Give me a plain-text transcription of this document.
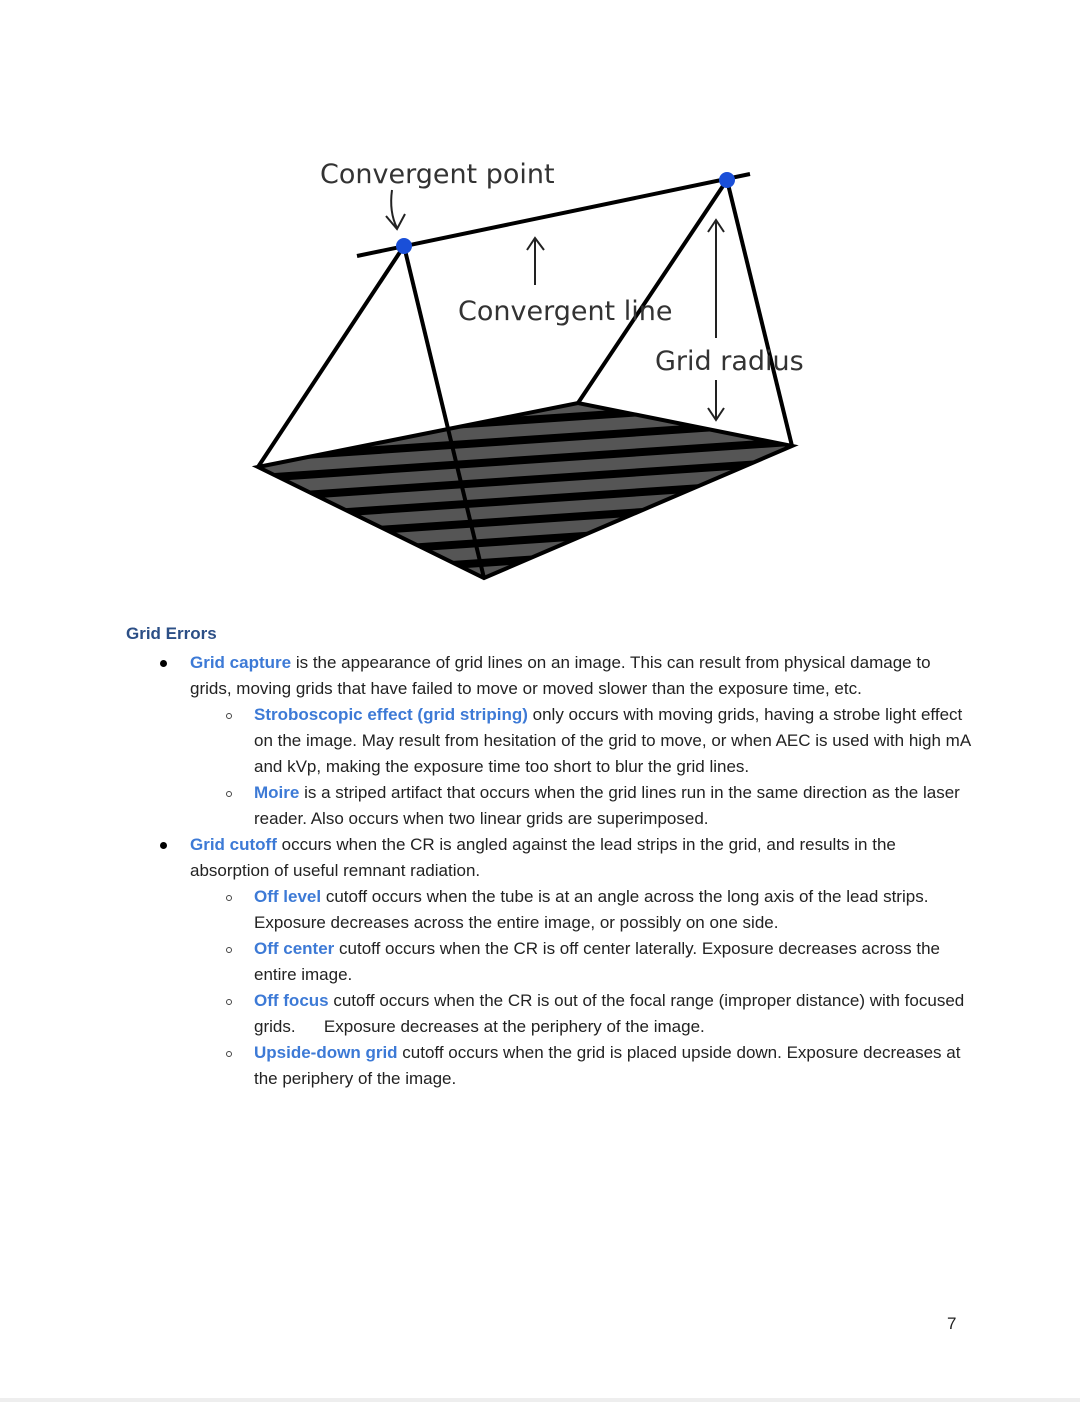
Convergent point
Convergent line
Grid radius
Grid Errors
Grid capture is the appearance of grid lines on an image. This can result from physical damage to grids, moving grids that have failed to move or moved slower than the exposure time, etc.
Stroboscopic effect (grid striping) only occurs with moving grids, having a strobe light effect on the image. May result from hesitation of the grid to move, or when AEC is used with high mA and kVp, making the exposure time too short to blur the grid lines.
Moire is a striped artifact that occurs when the grid lines run in the same direction as the laser reader. Also occurs when two linear grids are superimposed.
Grid cutoff occurs when the CR is angled against the lead strips in the grid, and results in the absorption of useful remnant radiation.
Off level cutoff occurs when the tube is at an angle across the long axis of the lead strips. Exposure decreases across the entire image, or possibly on one side.
Off center cutoff occurs when the CR is off center laterally. Exposure decreases across the entire image.
Off focus cutoff occurs when the CR is out of the focal range (improper distance) with focused grids.      Exposure decreases at the periphery of the image.
Upside-down grid cutoff occurs when the grid is placed upside down. Exposure decreases at the periphery of the image.
7
